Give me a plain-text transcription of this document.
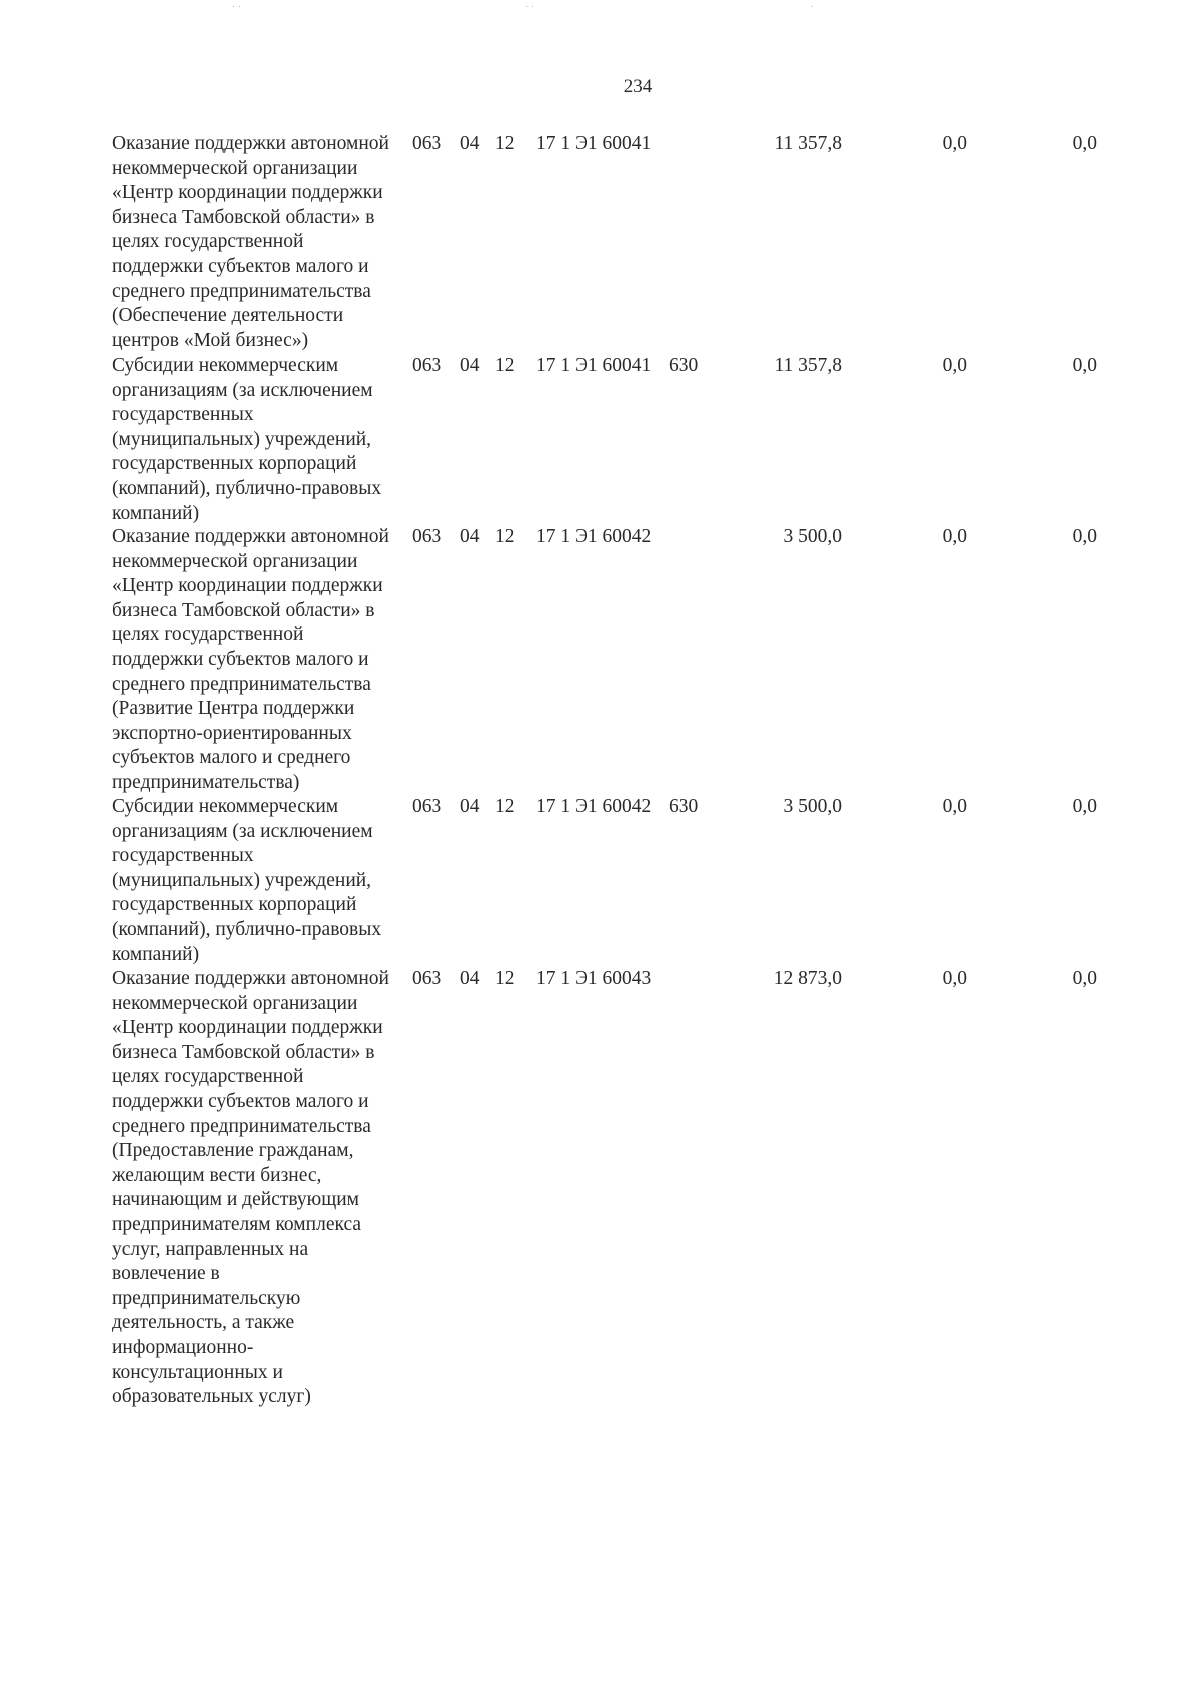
234
Оказание поддержки автономной
некоммерческой организации
«Центр координации поддержки
бизнеса Тамбовской области» в
целях государственной
поддержки субъектов малого и
среднего предпринимательства
(Обеспечение деятельности
центров «Мой бизнес»)
063 04 12 17 1 Э1 60041	11 357,8	0,0	0,0
Субсидии некоммерческим
организациям (за исключением
государственных
(муниципальных) учреждений,
государственных корпораций
(компаний), публично-правовых
компаний)
063 04 12 17 1 Э1 60041 630	11 357,8	0,0	0,0
Оказание поддержки автономной
некоммерческой организации
«Центр координации поддержки
бизнеса Тамбовской области» в
целях государственной
поддержки субъектов малого и
среднего предпринимательства
(Развитие Центра поддержки
экспортно-ориентированных
субъектов малого и среднего
предпринимательства)
063 04 12 17 1 Э1 60042	3 500,0	0,0	0,0
Субсидии некоммерческим
организациям (за исключением
государственных
(муниципальных) учреждений,
государственных корпораций
(компаний), публично-правовых
компаний)
063 04 12 17 1 Э1 60042 630	3 500,0	0,0	0,0
Оказание поддержки автономной
некоммерческой организации
«Центр координации поддержки
бизнеса Тамбовской области» в
целях государственной
поддержки субъектов малого и
среднего предпринимательства
(Предоставление гражданам,
желающим вести бизнес,
начинающим и действующим
предпринимателям комплекса
услуг, направленных на
вовлечение в
предпринимательскую
деятельность, а также
информационно-
консультационных и
образовательных услуг)
063 04 12 17 1 Э1 60043	12 873,0	0,0	0,0
· ·	· ·	·
